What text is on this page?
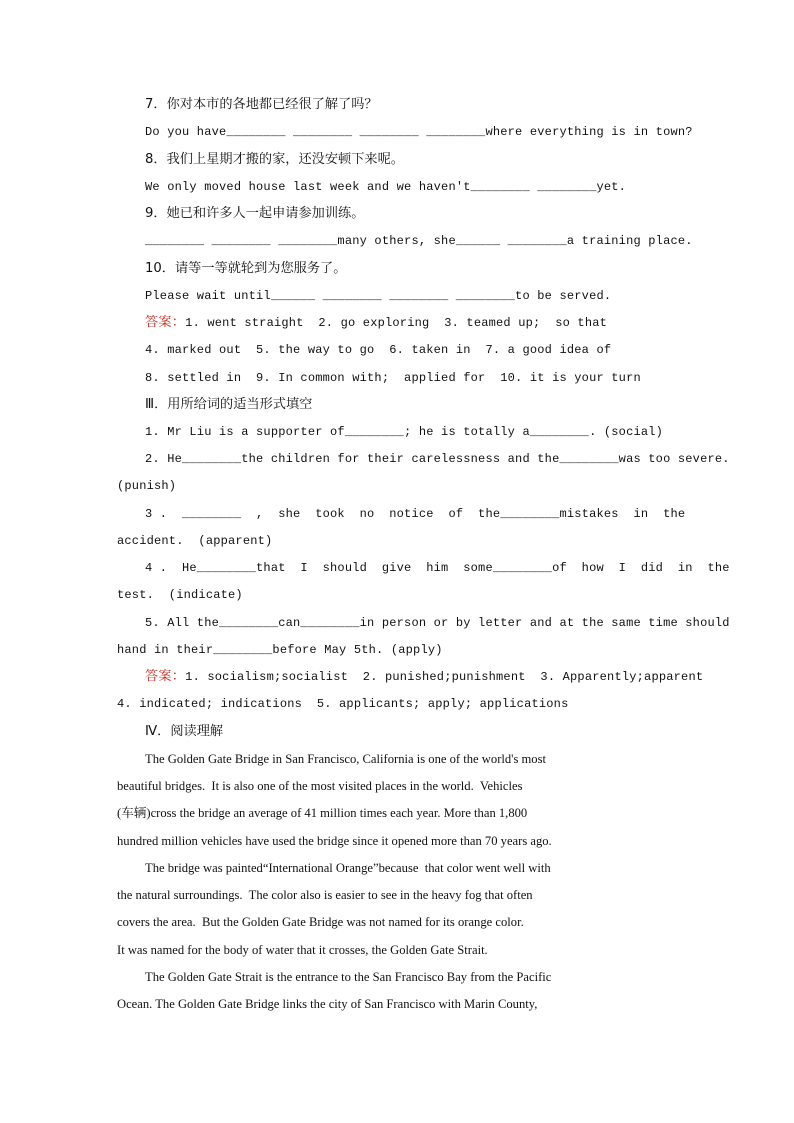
7．你对本市的各地都已经很了解了吗？
Do you have________ ________ ________ ________where everything is in town?
8．我们上星期才搬的家，还没安顿下来呢。
We only moved house last week and we haven't________ ________yet.
9．她已和许多人一起申请参加训练。
________ ________ ________many others, she______ ________a training place.
10．请等一等就轮到为您服务了。
Please wait until______ ________ ________ ________to be served.
答案：1. went straight  2. go exploring  3. teamed up;  so that
4. marked out  5. the way to go  6. taken in  7. a good idea of
8. settled in  9. In common with;  applied for  10. it is your turn
Ⅲ．用所给词的适当形式填空
1. Mr Liu is a supporter of________; he is totally a________. (social)
2. He________the children for their carelessness and the________was too severe.
(punish)
3 .  ________  ,  she  took  no  notice  of  the________mistakes  in  the
accident.  (apparent)
4 .  He________that  I  should  give  him  some________of  how  I  did  in  the
test.  (indicate)
5. All the________can________in person or by letter and at the same time should
hand in their________before May 5th. (apply)
答案：1. socialism;socialist  2. punished;punishment  3. Apparently;apparent
4. indicated; indications  5. applicants; apply; applications
Ⅳ．阅读理解
The Golden Gate Bridge in San Francisco, California is one of the world's most
beautiful bridges.  It is also one of the most visited places in the world.  Vehicles
(车辆)cross the bridge an average of 41 million times each year. More than 1,800
hundred million vehicles have used the bridge since it opened more than 70 years ago.
The bridge was painted“International Orange”because  that color went well with
the natural surroundings.  The color also is easier to see in the heavy fog that often
covers the area.  But the Golden Gate Bridge was not named for its orange color.
It was named for the body of water that it crosses, the Golden Gate Strait.
The Golden Gate Strait is the entrance to the San Francisco Bay from the Pacific
Ocean. The Golden Gate Bridge links the city of San Francisco with Marin County,
